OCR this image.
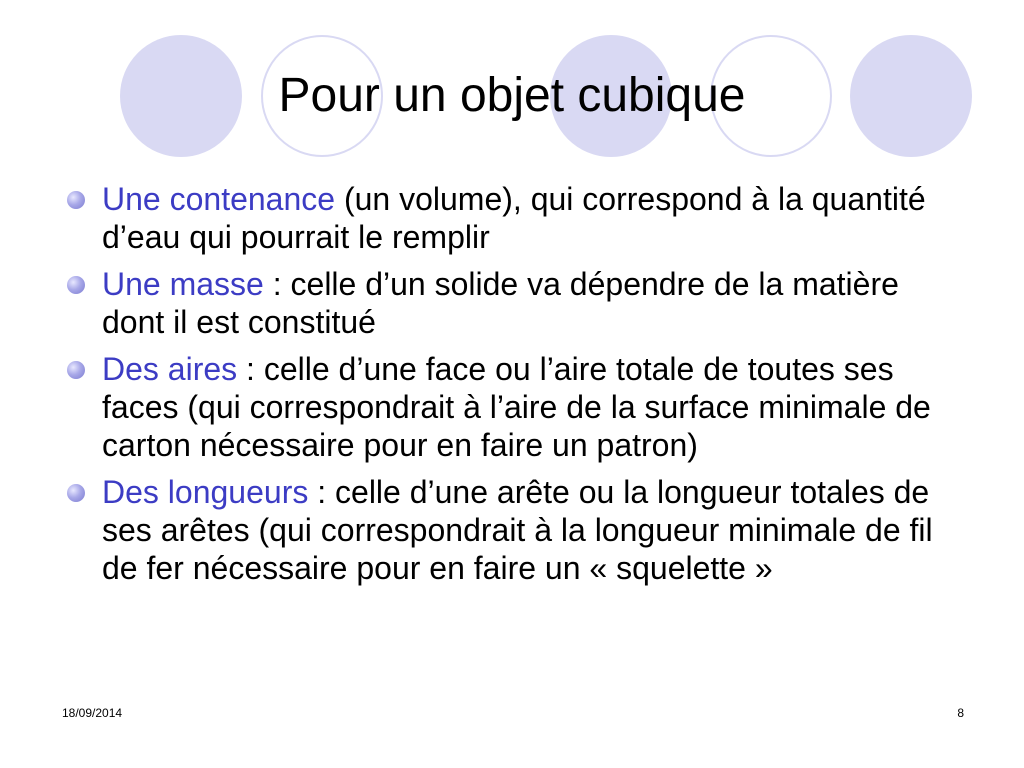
Pour un objet cubique
Une contenance (un volume), qui correspond à la quantité d’eau qui pourrait le remplir
Une masse : celle d’un solide va dépendre de la matière dont il est constitué
Des aires : celle d’une face ou l’aire totale de toutes ses faces (qui correspondrait à l’aire de la surface minimale de carton nécessaire pour en faire un patron)
Des longueurs : celle d’une arête ou la longueur totales de ses arêtes (qui correspondrait à la longueur minimale de fil de fer nécessaire pour en faire un « squelette »
18/09/2014	8
